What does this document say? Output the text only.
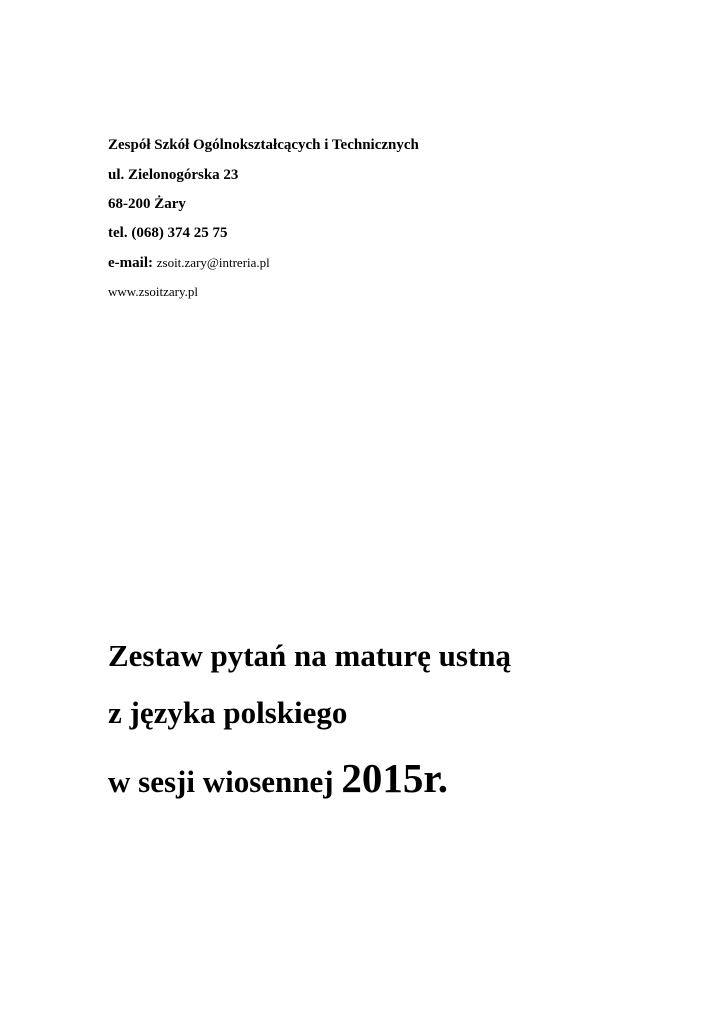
Zespół Szkół Ogólnokształcących i Technicznych
ul. Zielonogórska 23
68-200 Żary
tel. (068) 374 25 75
e-mail: zsoit.zary@intreria.pl
www.zsoitzary.pl
Zestaw pytań na maturę ustną
z języka polskiego
w sesji wiosennej 2015r.
